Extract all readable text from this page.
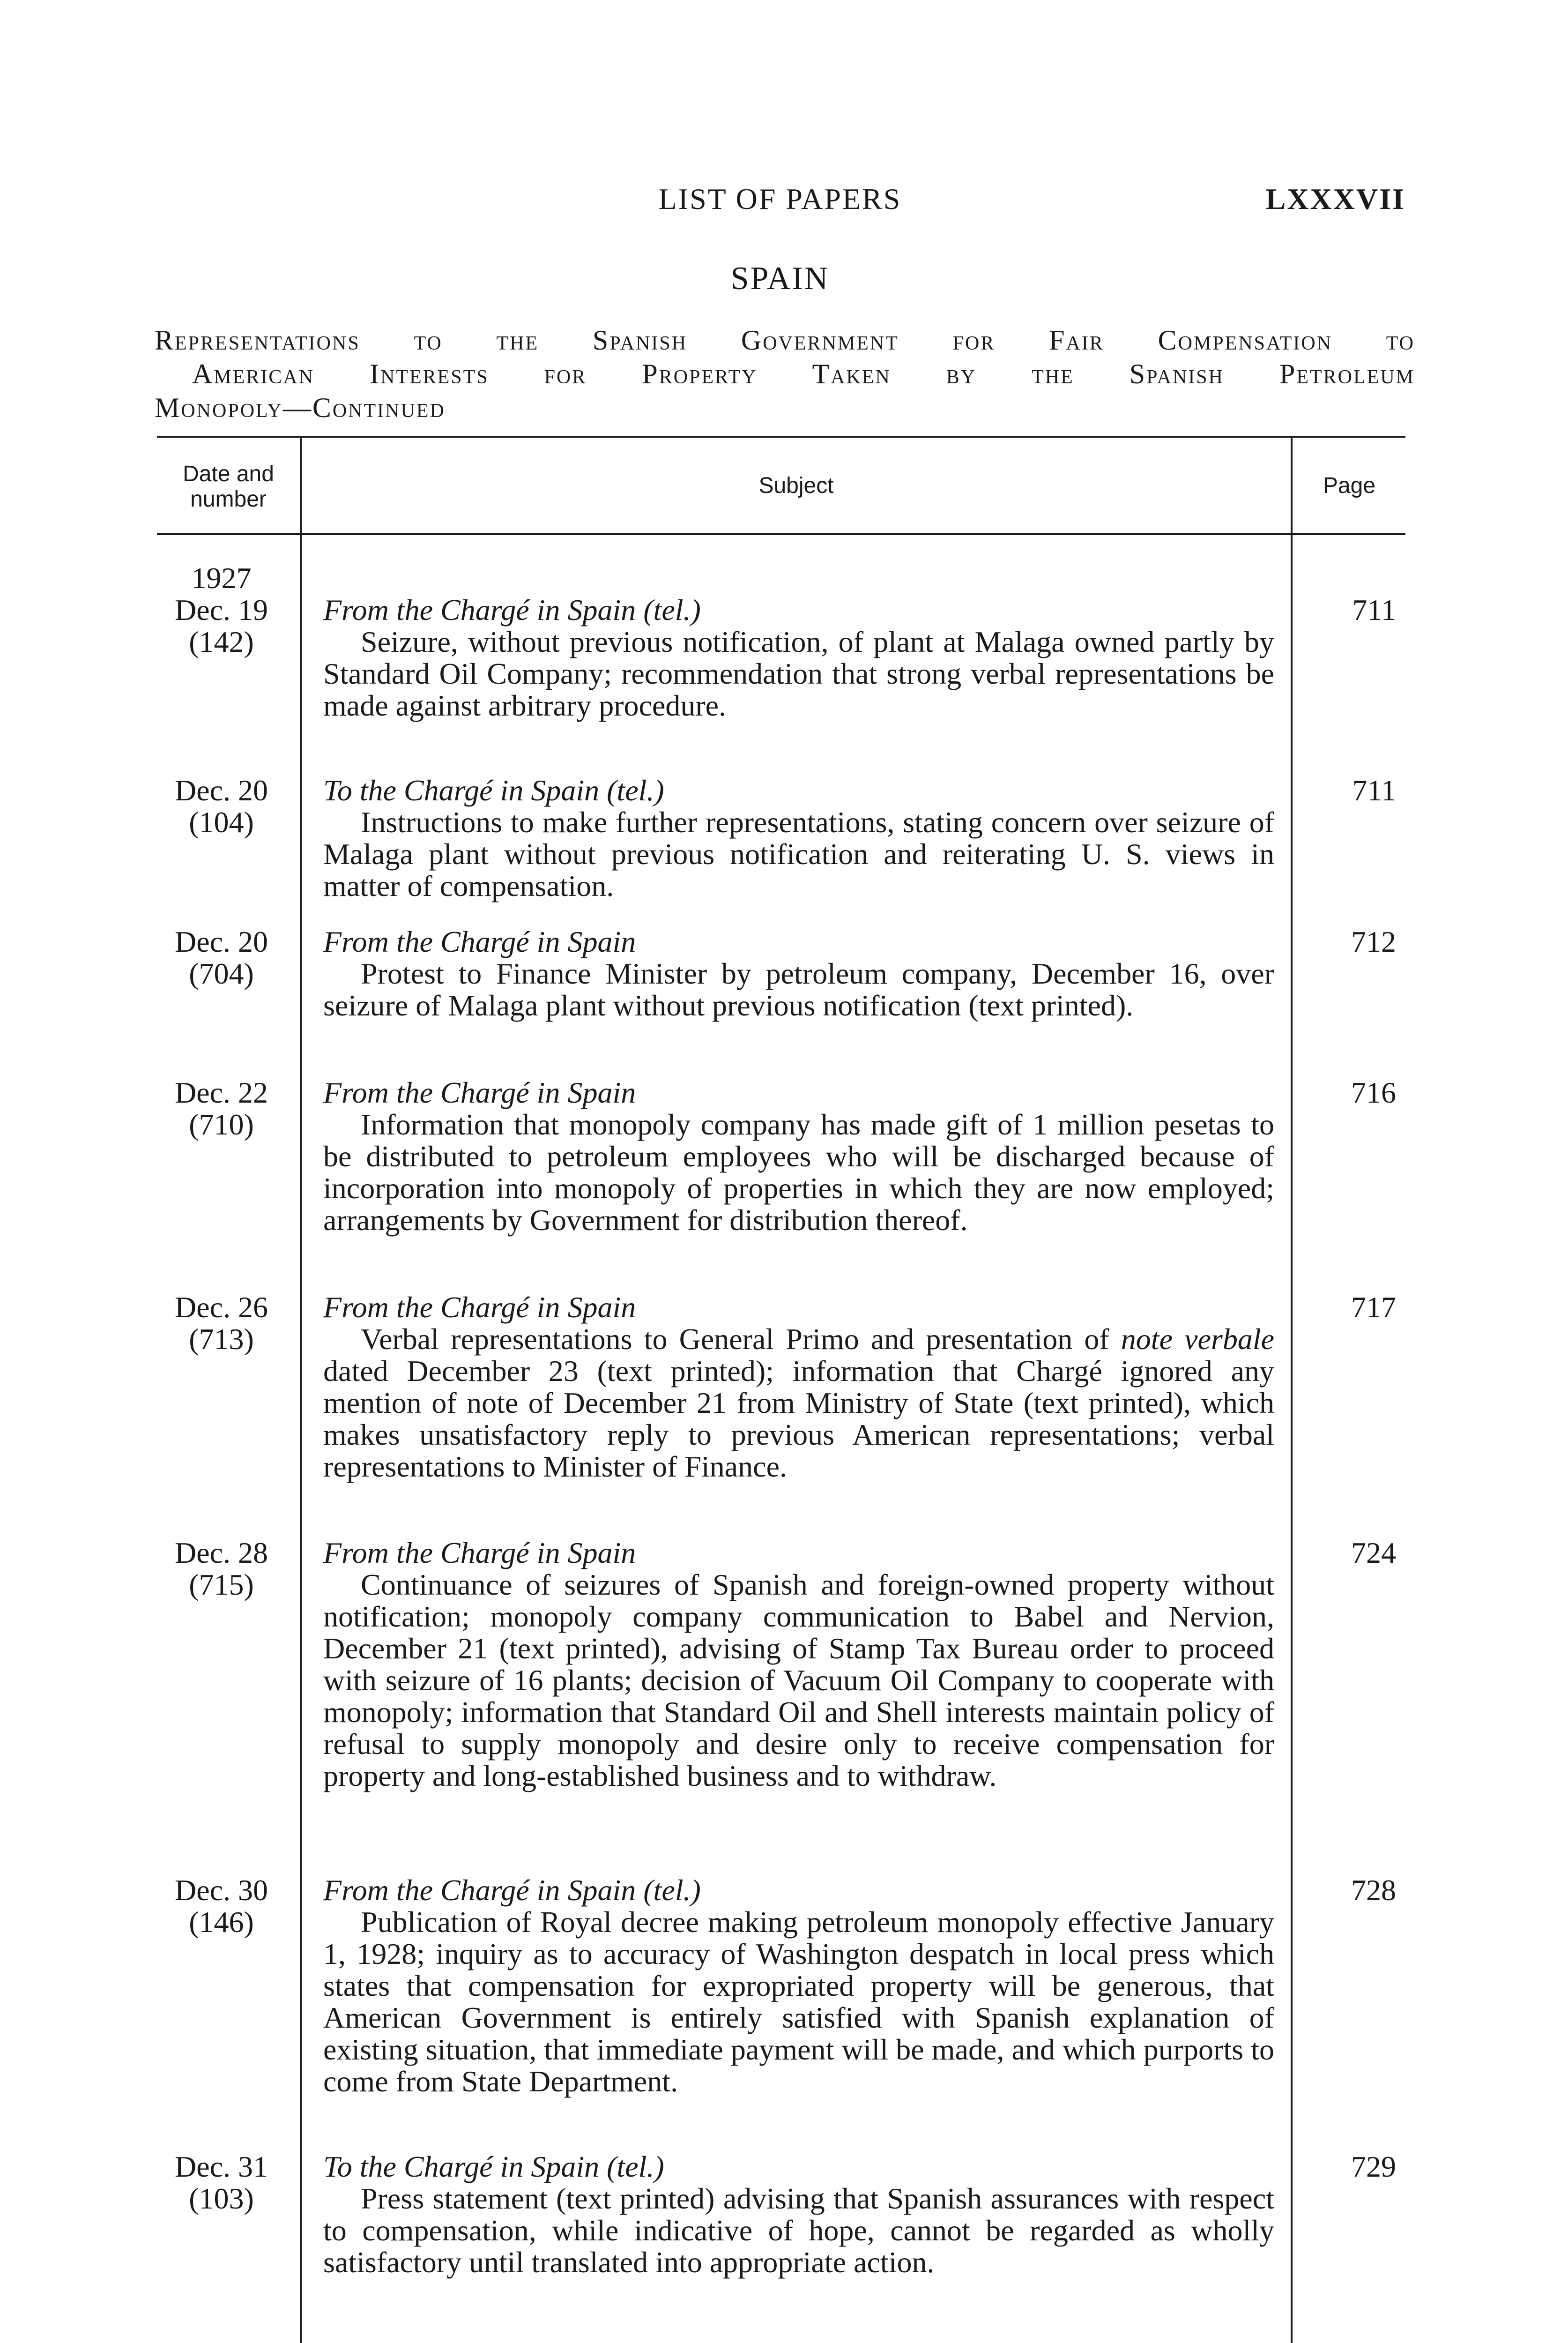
LIST OF PAPERS	LXXXVII
SPAIN
Representations to the Spanish Government for Fair Compensation to
American Interests for Property Taken by the Spanish Petroleum
Monopoly—Continued
Date and
number
Subject	Page
1927
Dec. 19
(142)
From the Chargé in Spain (tel.)
Seizure, without previous notification, of plant at Malaga owned partly by Standard Oil Company; recommendation that strong verbal representations be made against arbitrary procedure.
711
Dec. 20
(104)
To the Chargé in Spain (tel.)
Instructions to make further representations, stating concern over seizure of Malaga plant without previous notification and reiterating U. S. views in matter of compensation.
711
Dec. 20
(704)
From the Chargé in Spain
Protest to Finance Minister by petroleum company, December 16, over seizure of Malaga plant without previous notification (text printed).
712
Dec. 22
(710)
From the Chargé in Spain
Information that monopoly company has made gift of 1 million pesetas to be distributed to petroleum employees who will be discharged because of incorporation into monopoly of properties in which they are now employed; arrangements by Government for distribution thereof.
716
Dec. 26
(713)
From the Chargé in Spain
Verbal representations to General Primo and presentation of note verbale dated December 23 (text printed); information that Chargé ignored any mention of note of December 21 from Ministry of State (text printed), which makes unsatisfactory reply to previous American representations; verbal representations to Minister of Finance.
717
Dec. 28
(715)
From the Chargé in Spain
Continuance of seizures of Spanish and foreign-owned property without notification; monopoly company communication to Babel and Nervion, December 21 (text printed), advising of Stamp Tax Bureau order to proceed with seizure of 16 plants; decision of Vacuum Oil Company to cooperate with monopoly; information that Standard Oil and Shell interests maintain policy of refusal to supply monopoly and desire only to receive compensation for property and long-established business and to withdraw.
724
Dec. 30
(146)
From the Chargé in Spain (tel.)
Publication of Royal decree making petroleum monopoly effective January 1, 1928; inquiry as to accuracy of Washington despatch in local press which states that compensation for expropriated property will be generous, that American Government is entirely satisfied with Spanish explanation of existing situation, that immediate payment will be made, and which purports to come from State Department.
728
Dec. 31
(103)
To the Chargé in Spain (tel.)
Press statement (text printed) advising that Spanish assurances with respect to compensation, while indicative of hope, cannot be regarded as wholly satisfactory until translated into appropriate action.
729
